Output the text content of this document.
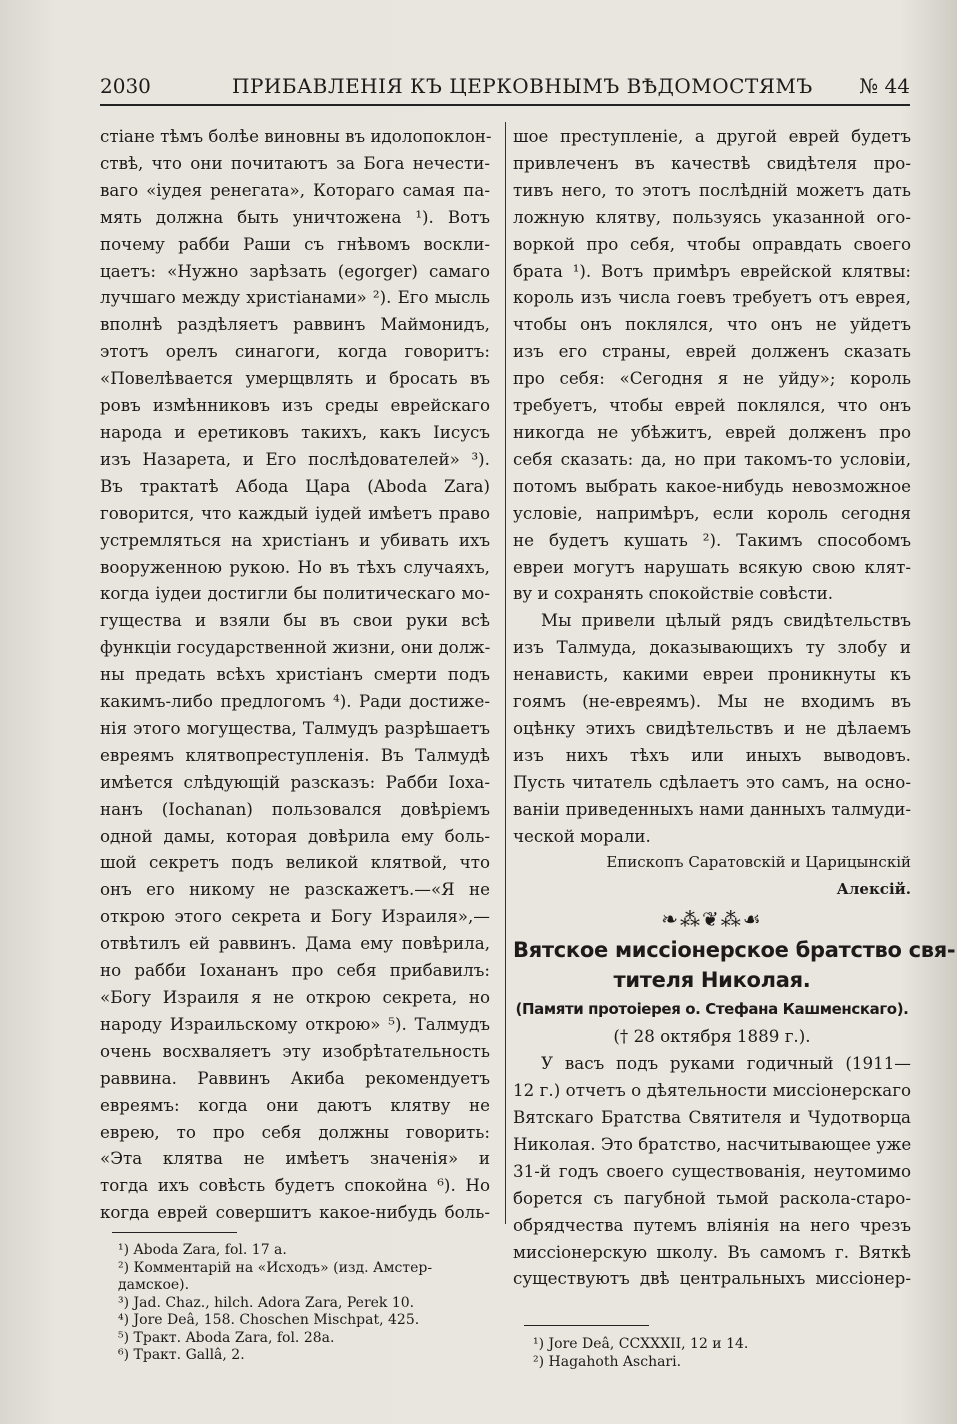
2030	ПРИБАВЛЕНІЯ КЪ ЦЕРКОВНЫМЪ ВѢДОМОСТЯМЪ № 44
стіане тѣмъ болѣе виновны въ идолопоклон-
ствѣ, что они почитаютъ за Бога нечести-
ваго «іудея ренегата», Котораго самая па-
мять должна быть уничтожена ¹). Вотъ
почему рабби Раши съ гнѣвомъ воскли-
цаетъ: «Нужно зарѣзать (egorger) самаго
лучшаго между христіанами» ²). Его мысль
вполнѣ раздѣляетъ раввинъ Маймонидъ,
этотъ орелъ синагоги, когда говоритъ:
«Повелѣвается умерщвлять и бросать въ
ровъ измѣнниковъ изъ среды еврейскаго
народа и еретиковъ такихъ, какъ Іисусъ
изъ Назарета, и Его послѣдователей» ³).
Въ трактатѣ Абода Цара (Aboda Zara)
говорится, что каждый іудей имѣетъ право
устремляться на христіанъ и убивать ихъ
вооруженною рукою. Но въ тѣхъ случаяхъ,
когда іудеи достигли бы политическаго мо-
гущества и взяли бы въ свои руки всѣ
функціи государственной жизни, они долж-
ны предать всѣхъ христіанъ смерти подъ
какимъ-либо предлогомъ ⁴). Ради достиже-
нія этого могущества, Талмудъ разрѣшаетъ
евреямъ клятвопреступленія. Въ Талмудѣ
имѣется слѣдующій разсказъ: Рабби Іоха-
нанъ (Iochanan) пользовался довѣріемъ
одной дамы, которая довѣрила ему боль-
шой секретъ подъ великой клятвой, что
онъ его никому не разскажетъ.—«Я не
открою этого секрета и Богу Израиля»,—
отвѣтилъ ей раввинъ. Дама ему повѣрила,
но рабби Іохананъ про себя прибавилъ:
«Богу Израиля я не открою секрета, но
народу Израильскому открою» ⁵). Талмудъ
очень восхваляетъ эту изобрѣтательность
раввина. Раввинъ Акиба рекомендуетъ
евреямъ: когда они даютъ клятву не
еврею, то про себя должны говорить:
«Эта клятва не имѣетъ значенія» и
тогда ихъ совѣсть будетъ спокойна ⁶). Но
когда еврей совершитъ какое-нибудь боль-
шое преступленіе, а другой еврей будетъ
привлеченъ въ качествѣ свидѣтеля про-
тивъ него, то этотъ послѣдній можетъ дать
ложную клятву, пользуясь указанной ого-
воркой про себя, чтобы оправдать своего
брата ¹). Вотъ примѣръ еврейской клятвы:
король изъ числа гоевъ требуетъ отъ еврея,
чтобы онъ поклялся, что онъ не уйдетъ
изъ его страны, еврей долженъ сказать
про себя: «Сегодня я не уйду»; король
требуетъ, чтобы еврей поклялся, что онъ
никогда не убѣжитъ, еврей долженъ про
себя сказать: да, но при такомъ-то условіи,
потомъ выбрать какое-нибудь невозможное
условіе, напримѣръ, если король сегодня
не будетъ кушать ²). Такимъ способомъ
евреи могутъ нарушать всякую свою клят-
ву и сохранять спокойствіе совѣсти.
Мы привели цѣлый рядъ свидѣтельствъ
изъ Талмуда, доказывающихъ ту злобу и
ненависть, какими евреи проникнуты къ
гоямъ (не-евреямъ). Мы не входимъ въ
оцѣнку этихъ свидѣтельствъ и не дѣлаемъ
изъ нихъ тѣхъ или иныхъ выводовъ.
Пусть читатель сдѣлаетъ это самъ, на осно-
ваніи приведенныхъ нами данныхъ талмуди-
ческой морали.
Епископъ Саратовскій и Царицынскій
Алексій.
❧⁂❦⁂☙
Вятское миссіонерское братство свя-
тителя Николая.
(Памяти протоіерея о. Стефана Кашменскаго).
(† 28 октября 1889 г.).
У васъ подъ руками годичный (1911—
12 г.) отчетъ о дѣятельности миссіонерскаго
Вятскаго Братства Святителя и Чудотворца
Николая. Это братство, насчитывающее уже
31-й годъ своего существованія, неутомимо
борется съ пагубной тьмой раскола-старо-
обрядчества путемъ вліянія на него чрезъ
миссіонерскую школу. Въ самомъ г. Вяткѣ
существуютъ двѣ центральныхъ миссіонер-
¹) Aboda Zara, fol. 17 a.
²) Комментарій на «Исходъ» (изд. Амстер-
дамское).
³) Jad. Chaz., hilch. Adora Zara, Perek 10.
⁴) Jore Deâ, 158. Choschen Mischpat, 425.
⁵) Тракт. Aboda Zara, fol. 28a.
⁶) Тракт. Gallâ, 2.
¹) Jore Deâ, CCXXXII, 12 и 14.
²) Hagahoth Aschari.
